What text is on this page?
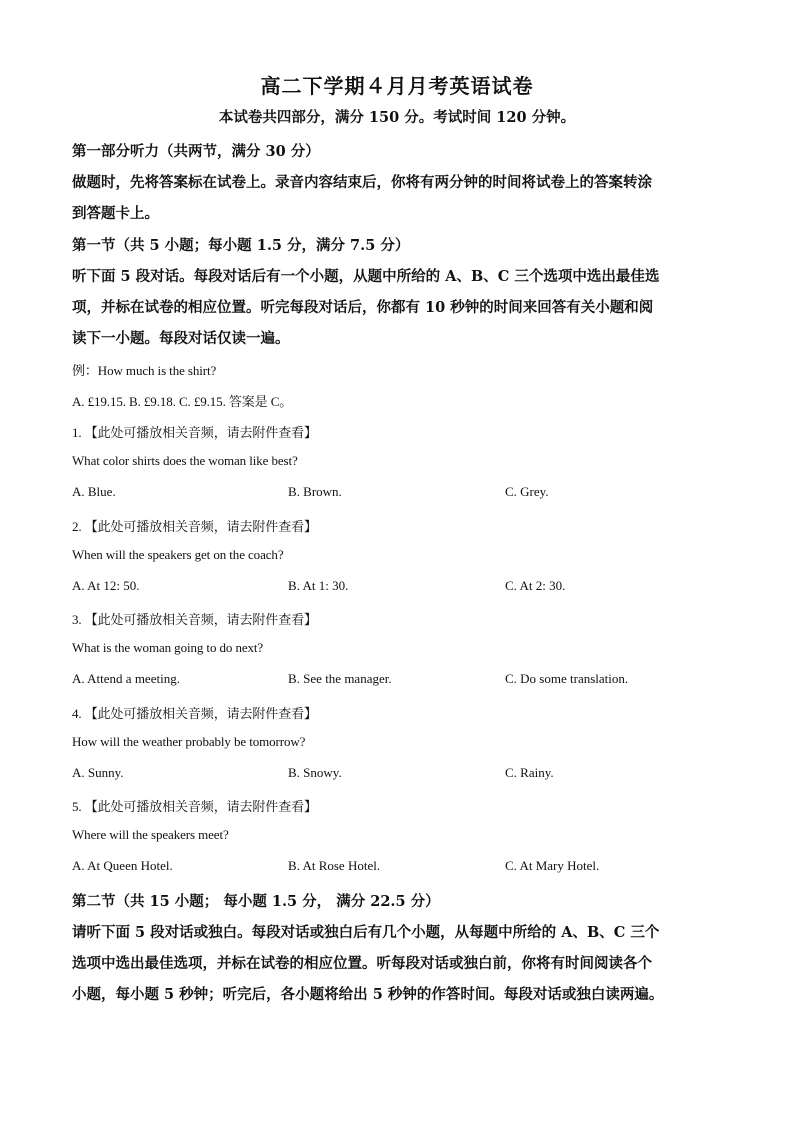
高二下学期４月月考英语试卷
本试卷共四部分，满分 150 分。考试时间 120 分钟。
第一部分听力（共两节，满分 30 分）
做题时，先将答案标在试卷上。录音内容结束后，你将有两分钟的时间将试卷上的答案转涂
到答题卡上。
第一节（共 5 小题；每小题 1.5 分，满分 7.5 分）
听下面 5 段对话。每段对话后有一个小题，从题中所给的 A、B、C 三个选项中选出最佳选
项，并标在试卷的相应位置。听完每段对话后，你都有 10 秒钟的时间来回答有关小题和阅
读下一小题。每段对话仅读一遍。
例：How much is the shirt?
A. £19.15. B. £9.18. C. £9.15. 答案是 C。
1. 【此处可播放相关音频，请去附件查看】
What color shirts does the woman like best?
A. Blue.	B. Brown.	C. Grey.
2. 【此处可播放相关音频，请去附件查看】
When will the speakers get on the coach?
A. At 12: 50.	B. At 1: 30.	C. At 2: 30.
3. 【此处可播放相关音频，请去附件查看】
What is the woman going to do next?
A. Attend a meeting.	B. See the manager.	C. Do some translation.
4. 【此处可播放相关音频，请去附件查看】
How will the weather probably be tomorrow?
A. Sunny.	B. Snowy.	C. Rainy.
5. 【此处可播放相关音频，请去附件查看】
Where will the speakers meet?
A. At Queen Hotel.	B. At Rose Hotel.	C. At Mary Hotel.
第二节（共 15 小题； 每小题 1.5 分， 满分 22.5 分）
请听下面 5 段对话或独白。每段对话或独白后有几个小题，从每题中所给的 A、B、C 三个
选项中选出最佳选项，并标在试卷的相应位置。听每段对话或独白前，你将有时间阅读各个
小题，每小题 5 秒钟；听完后，各小题将给出 5 秒钟的作答时间。每段对话或独白读两遍。
